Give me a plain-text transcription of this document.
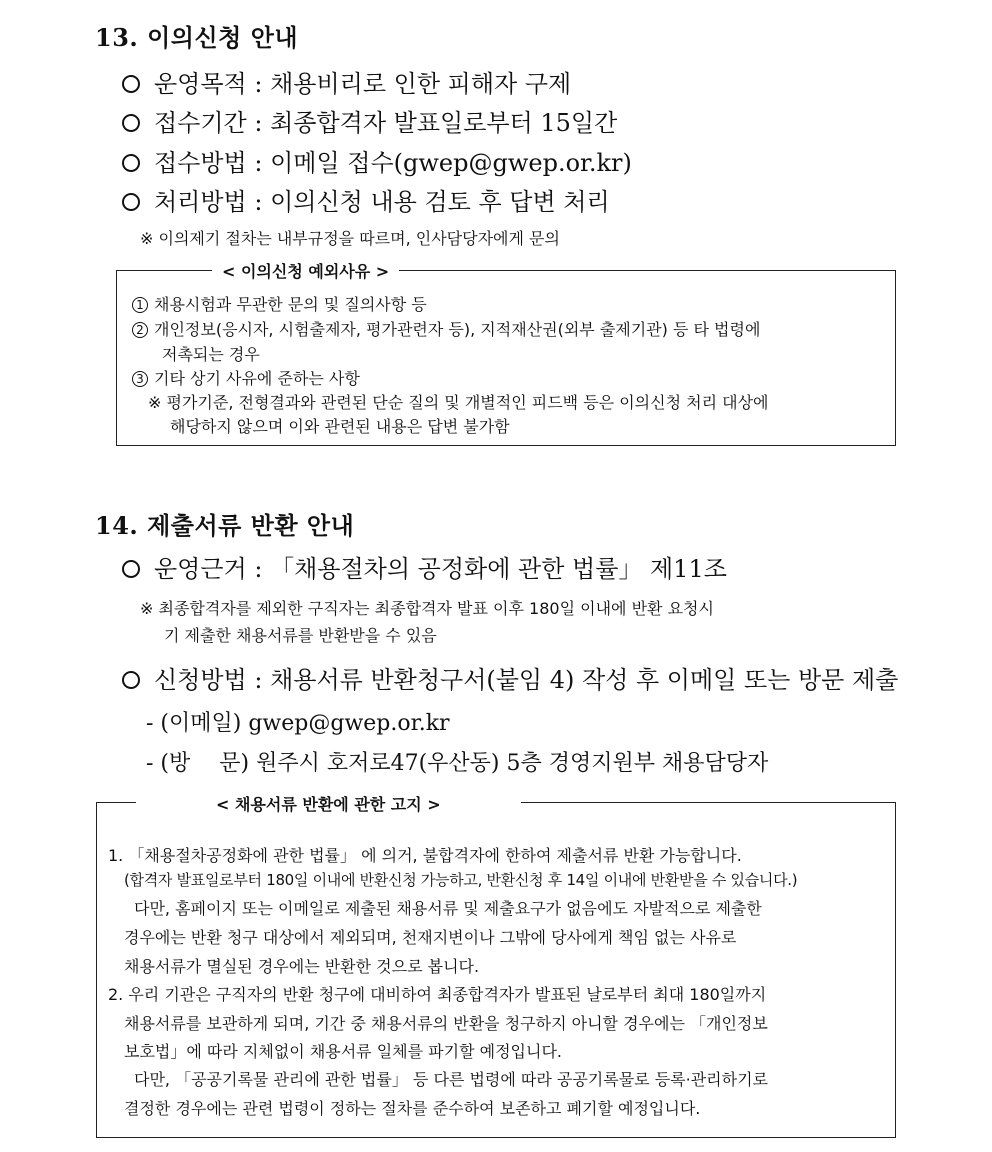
13. 이의신청 안내
운영목적 : 채용비리로 인한 피해자 구제
접수기간 : 최종합격자 발표일로부터 15일간
접수방법 : 이메일 접수(gwep@gwep.or.kr)
처리방법 : 이의신청 내용 검토 후 답변 처리
※ 이의제기 절차는 내부규정을 따르며, 인사담당자에게 문의
< 이의신청 예외사유 >
1 채용시험과 무관한 문의 및 질의사항 등
2 개인정보(응시자, 시험출제자, 평가관련자 등), 지적재산권(외부 출제기관) 등 타 법령에
저촉되는 경우
3 기타 상기 사유에 준하는 사항
※ 평가기준, 전형결과와 관련된 단순 질의 및 개별적인 피드백 등은 이의신청 처리 대상에
해당하지 않으며 이와 관련된 내용은 답변 불가함
14. 제출서류 반환 안내
운영근거 : 「채용절차의 공정화에 관한 법률」 제11조
※ 최종합격자를 제외한 구직자는 최종합격자 발표 이후 180일 이내에 반환 요청시
기 제출한 채용서류를 반환받을 수 있음
신청방법 : 채용서류 반환청구서(붙임 4) 작성 후 이메일 또는 방문 제출
- (이메일) gwep@gwep.or.kr
- (방　 문) 원주시 호저로47(우산동) 5층 경영지원부 채용담당자
< 채용서류 반환에 관한 고지 >
1. 「채용절차공정화에 관한 법률」 에 의거, 불합격자에 한하여 제출서류 반환 가능합니다.
(합격자 발표일로부터 180일 이내에 반환신청 가능하고, 반환신청 후 14일 이내에 반환받을 수 있습니다.)
다만, 홈페이지 또는 이메일로 제출된 채용서류 및 제출요구가 없음에도 자발적으로 제출한
경우에는 반환 청구 대상에서 제외되며, 천재지변이나 그밖에 당사에게 책임 없는 사유로
채용서류가 멸실된 경우에는 반환한 것으로 봅니다.
2. 우리 기관은 구직자의 반환 청구에 대비하여 최종합격자가 발표된 날로부터 최대 180일까지
채용서류를 보관하게 되며, 기간 중 채용서류의 반환을 청구하지 아니할 경우에는 「개인정보
보호법」에 따라 지체없이 채용서류 일체를 파기할 예정입니다.
다만, 「공공기록물 관리에 관한 법률」 등 다른 법령에 따라 공공기록물로 등록·관리하기로
결정한 경우에는 관련 법령이 정하는 절차를 준수하여 보존하고 폐기할 예정입니다.
